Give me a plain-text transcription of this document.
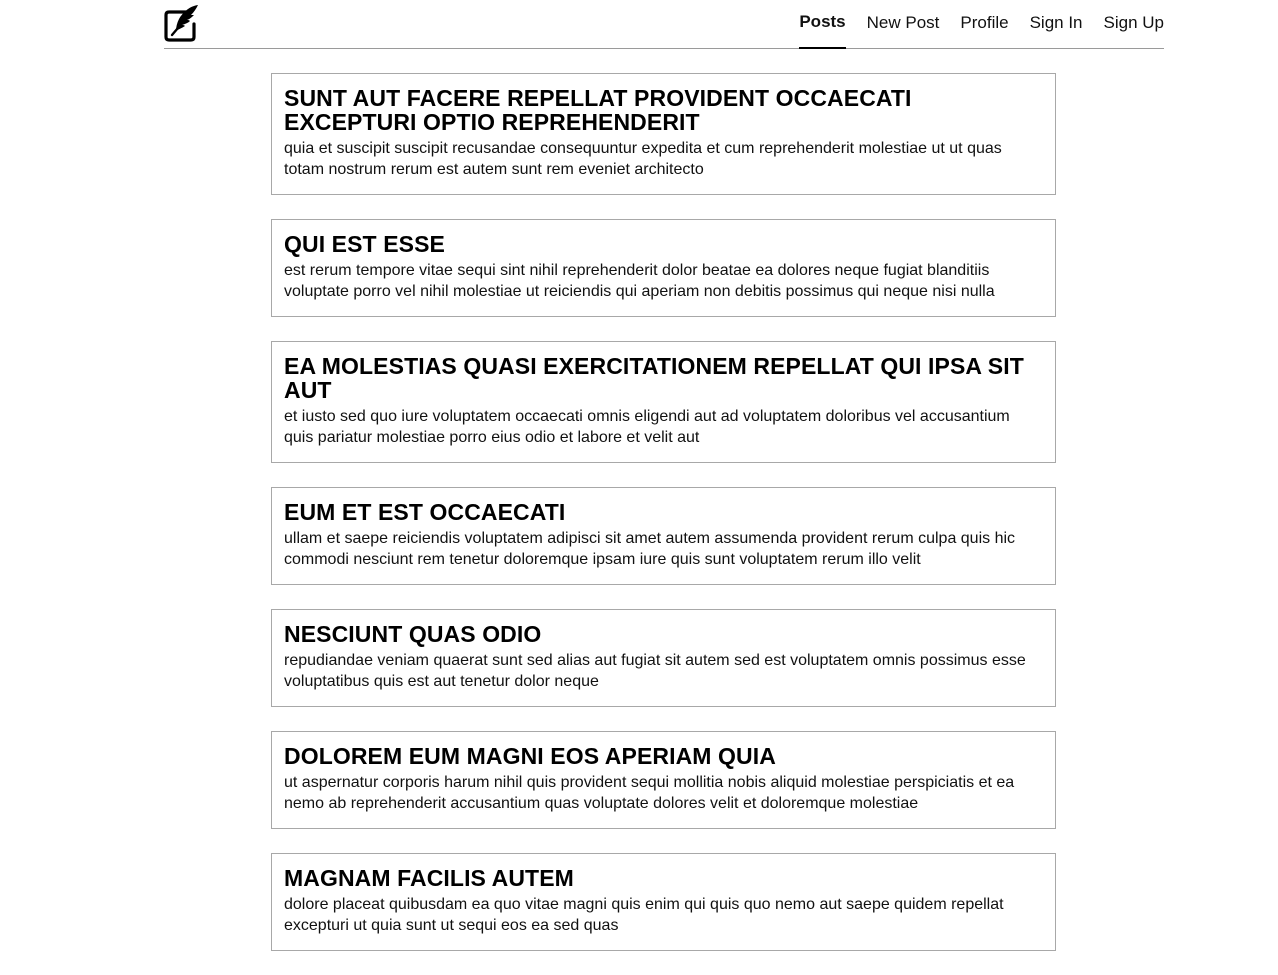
Posts New Post Profile Sign In Sign Up
SUNT AUT FACERE REPELLAT PROVIDENT OCCAECATI EXCEPTURI OPTIO REPREHENDERIT

quia et suscipit suscipit recusandae consequuntur expedita et cum reprehenderit molestiae ut ut quas totam nostrum rerum est autem sunt rem eveniet architecto

QUI EST ESSE

est rerum tempore vitae sequi sint nihil reprehenderit dolor beatae ea dolores neque fugiat blanditiis voluptate porro vel nihil molestiae ut reiciendis qui aperiam non debitis possimus qui neque nisi nulla

EA MOLESTIAS QUASI EXERCITATIONEM REPELLAT QUI IPSA SIT AUT

et iusto sed quo iure voluptatem occaecati omnis eligendi aut ad voluptatem doloribus vel accusantium quis pariatur molestiae porro eius odio et labore et velit aut

EUM ET EST OCCAECATI

ullam et saepe reiciendis voluptatem adipisci sit amet autem assumenda provident rerum culpa quis hic commodi nesciunt rem tenetur doloremque ipsam iure quis sunt voluptatem rerum illo velit

NESCIUNT QUAS ODIO

repudiandae veniam quaerat sunt sed alias aut fugiat sit autem sed est voluptatem omnis possimus esse voluptatibus quis est aut tenetur dolor neque

DOLOREM EUM MAGNI EOS APERIAM QUIA

ut aspernatur corporis harum nihil quis provident sequi mollitia nobis aliquid molestiae perspiciatis et ea nemo ab reprehenderit accusantium quas voluptate dolores velit et doloremque molestiae

MAGNAM FACILIS AUTEM

dolore placeat quibusdam ea quo vitae magni quis enim qui quis quo nemo aut saepe quidem repellat excepturi ut quia sunt ut sequi eos ea sed quas
